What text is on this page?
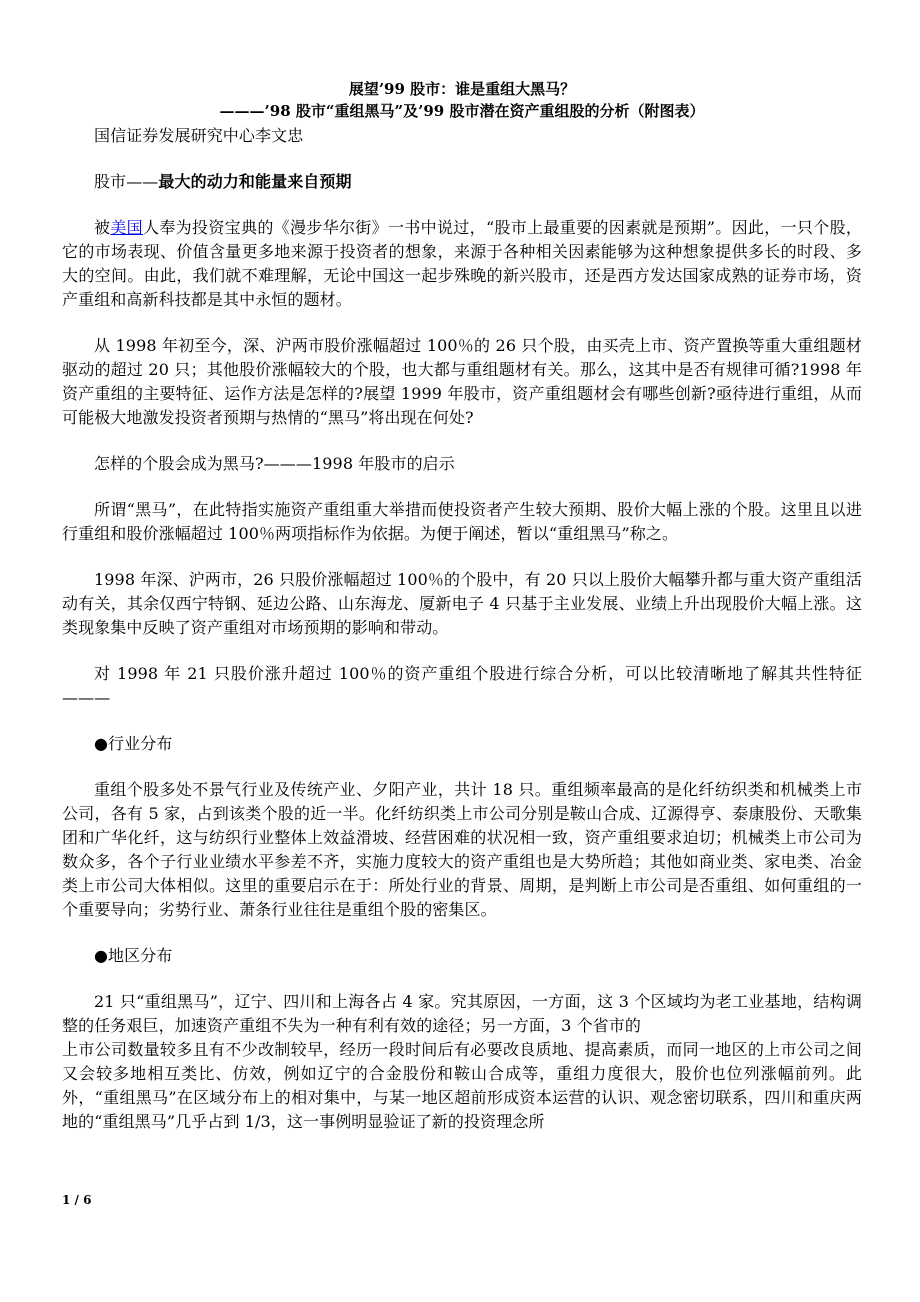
展望’99 股市：谁是重组大黑马？

———’98 股市“重组黑马”及’99 股市潜在资产重组股的分析（附图表）

国信证券发展研究中心李文忠

股市——最大的动力和能量来自预期

被美国人奉为投资宝典的《漫步华尔街》一书中说过，“股市上最重要的因素就是预期”。因此，一只个股，它的市场表现、价值含量更多地来源于投资者的想象，来源于各种相关因素能够为这种想象提供多长的时段、多大的空间。由此，我们就不难理解，无论中国这一起步殊晚的新兴股市，还是西方发达国家成熟的证券市场，资产重组和高新科技都是其中永恒的题材。

从 1998 年初至今，深、沪两市股价涨幅超过 100％的 26 只个股，由买壳上市、资产置换等重大重组题材驱动的超过 20 只；其他股价涨幅较大的个股，也大都与重组题材有关。那么，这其中是否有规律可循?1998 年资产重组的主要特征、运作方法是怎样的?展望 1999 年股市，资产重组题材会有哪些创新?亟待进行重组，从而可能极大地激发投资者预期与热情的“黑马”将出现在何处?

怎样的个股会成为黑马?———1998 年股市的启示

所谓“黑马”，在此特指实施资产重组重大举措而使投资者产生较大预期、股价大幅上涨的个股。这里且以进行重组和股价涨幅超过 100％两项指标作为依据。为便于阐述，暂以“重组黑马”称之。

1998 年深、沪两市，26 只股价涨幅超过 100％的个股中，有 20 只以上股价大幅攀升都与重大资产重组活动有关，其余仅西宁特钢、延边公路、山东海龙、厦新电子 4 只基于主业发展、业绩上升出现股价大幅上涨。这类现象集中反映了资产重组对市场预期的影响和带动。

对 1998 年 21 只股价涨升超过 100％的资产重组个股进行综合分析，可以比较清晰地了解其共性特征———

●行业分布

重组个股多处不景气行业及传统产业、夕阳产业，共计 18 只。重组频率最高的是化纤纺织类和机械类上市公司，各有 5 家，占到该类个股的近一半。化纤纺织类上市公司分别是鞍山合成、辽源得亨、泰康股份、天歌集团和广华化纤，这与纺织行业整体上效益滑坡、经营困难的状况相一致，资产重组要求迫切；机械类上市公司为数众多，各个子行业业绩水平参差不齐，实施力度较大的资产重组也是大势所趋；其他如商业类、家电类、冶金类上市公司大体相似。这里的重要启示在于：所处行业的背景、周期，是判断上市公司是否重组、如何重组的一个重要导向；劣势行业、萧条行业往往是重组个股的密集区。

●地区分布

21 只“重组黑马”，辽宁、四川和上海各占 4 家。究其原因，一方面，这 3 个区域均为老工业基地，结构调整的任务艰巨，加速资产重组不失为一种有利有效的途径；另一方面，3 个省市的

上市公司数量较多且有不少改制较早，经历一段时间后有必要改良质地、提高素质，而同一地区的上市公司之间又会较多地相互类比、仿效，例如辽宁的合金股份和鞍山合成等，重组力度很大，股价也位列涨幅前列。此外，“重组黑马”在区域分布上的相对集中，与某一地区超前形成资本运营的认识、观念密切联系，四川和重庆两地的“重组黑马”几乎占到 1/3，这一事例明显验证了新的投资理念所

1 / 6
